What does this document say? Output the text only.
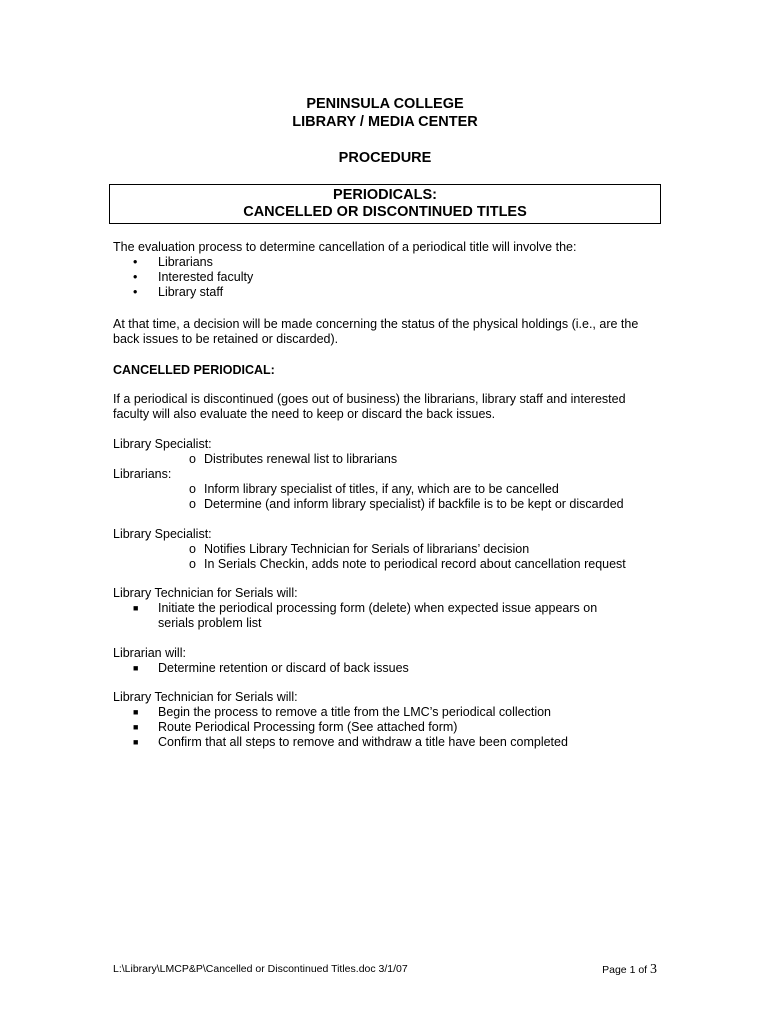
PENINSULA COLLEGE
LIBRARY / MEDIA CENTER
PROCEDURE
PERIODICALS:
CANCELLED OR DISCONTINUED TITLES

The evaluation process to determine cancellation of a periodical title will involve the:

• Librarians
• Interested faculty
• Library staff

At that time, a decision will be made concerning the status of the physical holdings (i.e., are the back issues to be retained or discarded).

CANCELLED PERIODICAL:

If a periodical is discontinued (goes out of business) the librarians, library staff and interested faculty will also evaluate the need to keep or discard the back issues.

Library Specialist:

o Distributes renewal list to librarians

Librarians:

o Inform library specialist of titles, if any, which are to be cancelled
o Determine (and inform library specialist) if backfile is to be kept or discarded

Library Specialist:

o Notifies Library Technician for Serials of librarians’ decision
o In Serials Checkin, adds note to periodical record about cancellation request

Library Technician for Serials will:

■ Initiate the periodical processing form (delete) when expected issue appears on serials problem list

Librarian will:

■ Determine retention or discard of back issues

Library Technician for Serials will:

■ Begin the process to remove a title from the LMC’s periodical collection
■ Route Periodical Processing form (See attached form)
■ Confirm that all steps to remove and withdraw a title have been completed
L:\Library\LMCP&P\Cancelled or Discontinued Titles.doc 3/1/07	Page 1 of 3
